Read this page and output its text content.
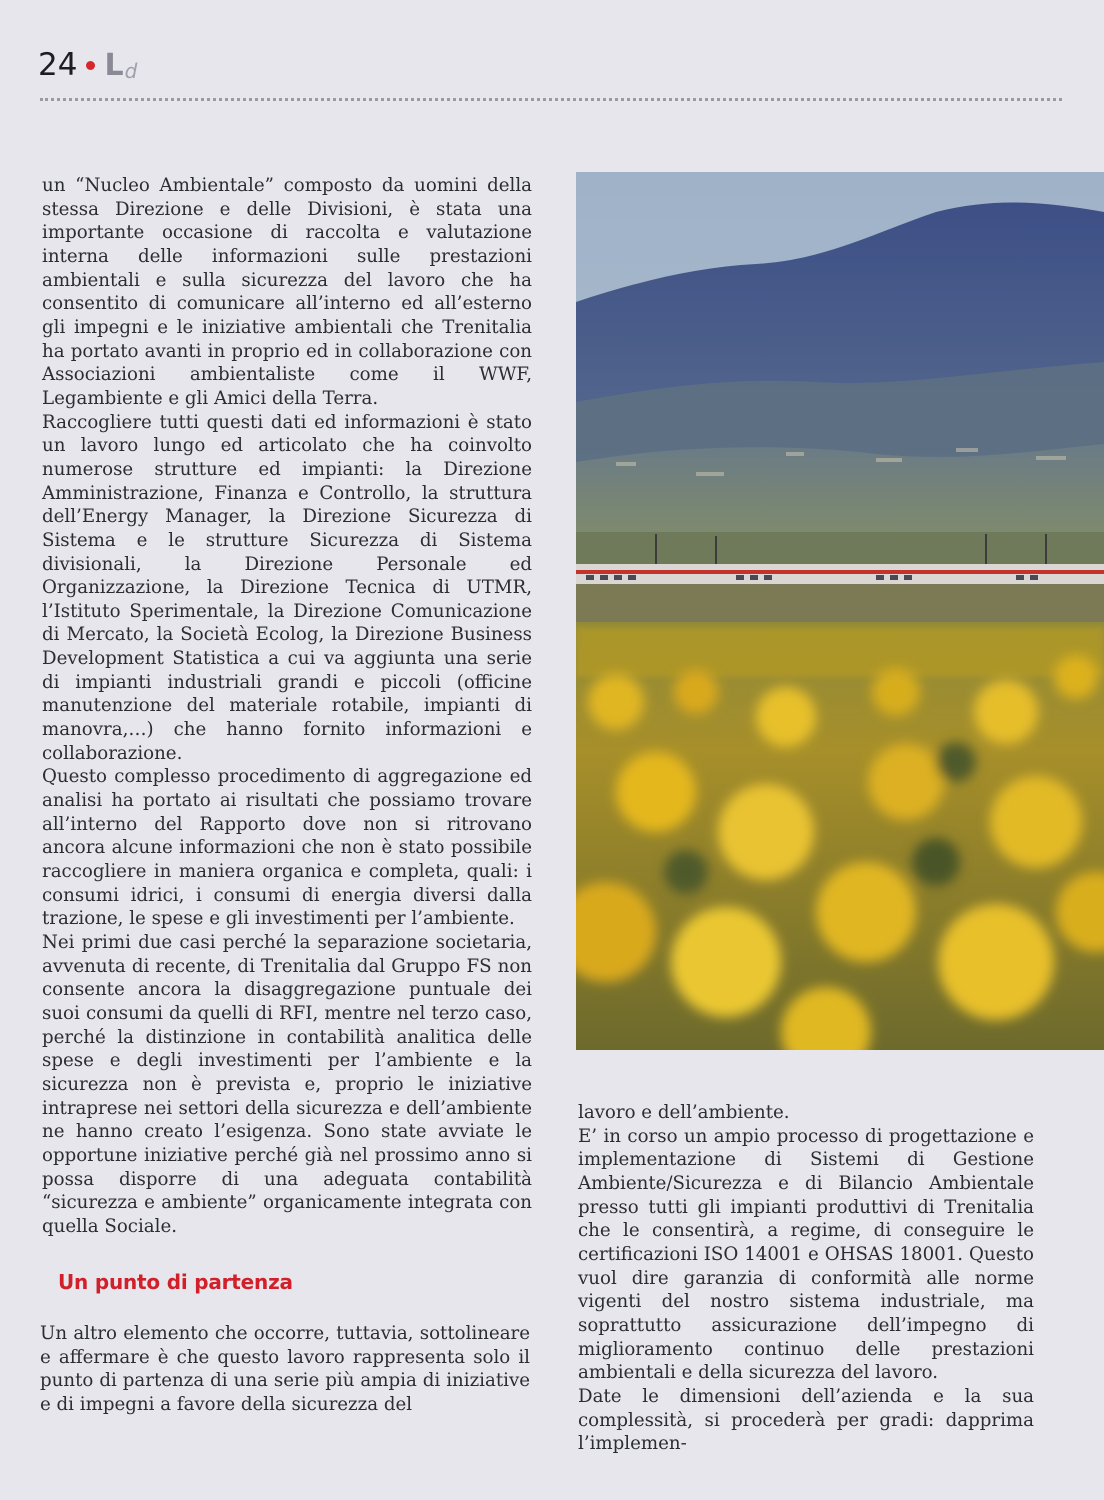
24 L d

un “Nucleo Ambientale” composto da uomini della stessa Direzione e delle Divisioni, è stata una importante occasione di raccolta e valutazione interna delle informazioni sulle prestazioni ambientali e sulla sicurezza del lavoro che ha consentito di comunicare all’interno ed all’esterno gli impegni e le iniziative ambientali che Trenitalia ha portato avanti in proprio ed in collaborazione con Associazioni ambientaliste come il WWF, Legambiente e gli Amici della Terra.

Raccogliere tutti questi dati ed informazioni è stato un lavoro lungo ed articolato che ha coinvolto numerose strutture ed impianti: la Direzione Amministrazione, Finanza e Controllo, la struttura dell’Energy Manager, la Direzione Sicurezza di Sistema e le strutture Sicurezza di Sistema divisionali, la Direzione Personale ed Organizzazione, la Direzione Tecnica di UTMR, l’Istituto Sperimentale, la Direzione Comunicazione di Mercato, la Società Ecolog, la Direzione Business Development Statistica a cui va aggiunta una serie di impianti industriali grandi e piccoli (officine manutenzione del materiale rotabile, impianti di manovra,…) che hanno fornito informazioni e collaborazione.

Questo complesso procedimento di aggregazione ed analisi ha portato ai risultati che possiamo trovare all’interno del Rapporto dove non si ritrovano ancora alcune informazioni che non è stato possibile raccogliere in maniera organica e completa, quali: i consumi idrici, i consumi di energia diversi dalla trazione, le spese e gli investimenti per l’ambiente.

Nei primi due casi perché la separazione societaria, avvenuta di recente, di Trenitalia dal Gruppo FS non consente ancora la disaggregazione puntuale dei suoi consumi da quelli di RFI, mentre nel terzo caso, perché la distinzione in contabilità analitica delle spese e degli investimenti per l’ambiente e la sicurezza non è prevista e, proprio le iniziative intraprese nei settori della sicurezza e dell’ambiente ne hanno creato l’esigenza. Sono state avviate le opportune iniziative perché già nel prossimo anno si possa disporre di una adeguata contabilità “sicurezza e ambiente” organicamente integrata con quella Sociale.

Un punto di partenza

Un altro elemento che occorre, tuttavia, sottolineare e affermare è che questo lavoro rappresenta solo il punto di partenza di una serie più ampia di iniziative e di impegni a favore della sicurezza del

lavoro e dell’ambiente.

E’ in corso un ampio processo di progettazione e implementazione di Sistemi di Gestione Ambiente/Sicurezza e di Bilancio Ambientale presso tutti gli impianti produttivi di Trenitalia che le consentirà, a regime, di conseguire le certificazioni ISO 14001 e OHSAS 18001. Questo vuol dire garanzia di conformità alle norme vigenti del nostro sistema industriale, ma soprattutto assicurazione dell’impegno di miglioramento continuo delle prestazioni ambientali e della sicurezza del lavoro.

Date le dimensioni dell’azienda e la sua complessità, si procederà per gradi: dapprima l’implemen-
